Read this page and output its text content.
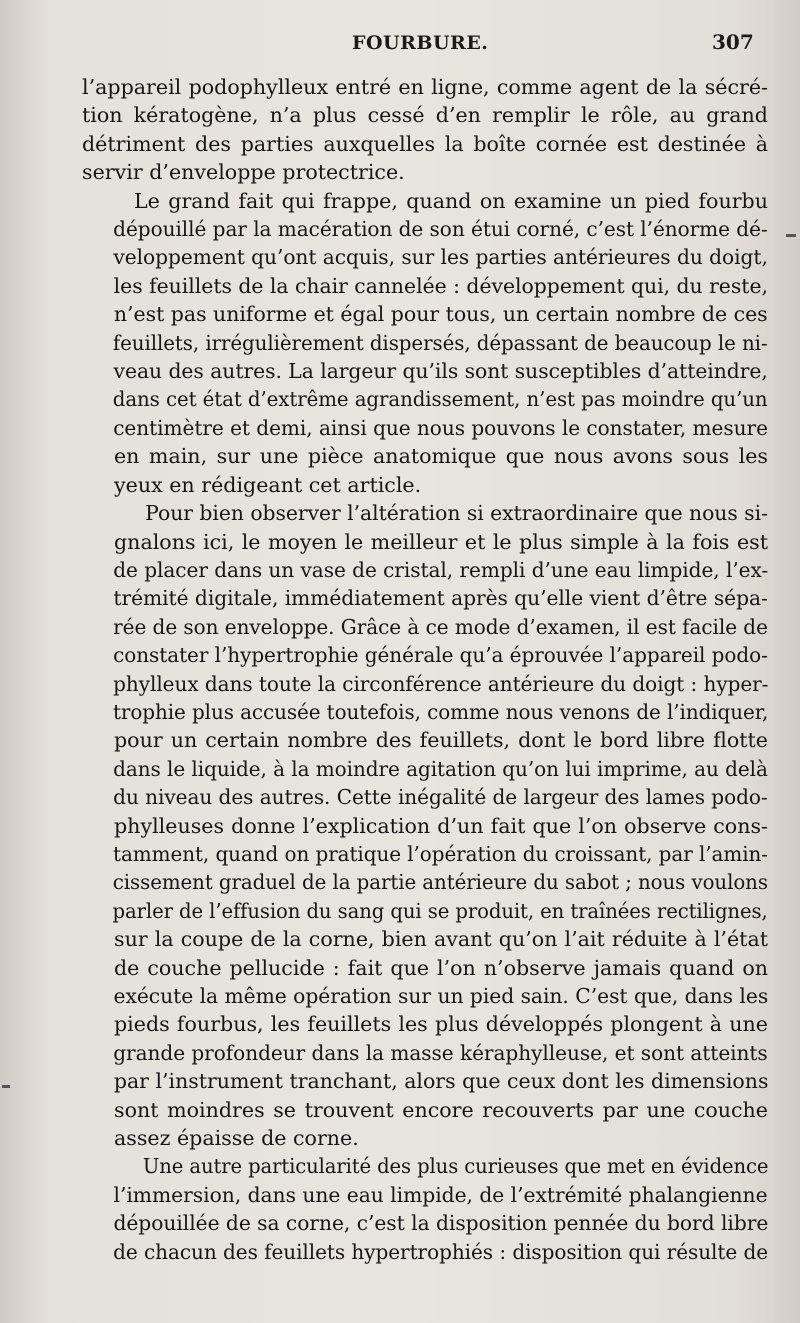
FOURBURE.	307
l’appareil podophylleux entré en ligne, comme agent de la sécré-
tion kératogène, n’a plus cessé d’en remplir le rôle, au grand
détriment des parties auxquelles la boîte cornée est destinée à
servir d’enveloppe protectrice.
Le grand fait qui frappe, quand on examine un pied fourbu
dépouillé par la macération de son étui corné, c’est l’énorme dé-
veloppement qu’ont acquis, sur les parties antérieures du doigt,
les feuillets de la chair cannelée : développement qui, du reste,
n’est pas uniforme et égal pour tous, un certain nombre de ces
feuillets, irrégulièrement dispersés, dépassant de beaucoup le ni-
veau des autres. La largeur qu’ils sont susceptibles d’atteindre,
dans cet état d’extrême agrandissement, n’est pas moindre qu’un
centimètre et demi, ainsi que nous pouvons le constater, mesure
en main, sur une pièce anatomique que nous avons sous les
yeux en rédigeant cet article.
Pour bien observer l’altération si extraordinaire que nous si-
gnalons ici, le moyen le meilleur et le plus simple à la fois est
de placer dans un vase de cristal, rempli d’une eau limpide, l’ex-
trémité digitale, immédiatement après qu’elle vient d’être sépa-
rée de son enveloppe. Grâce à ce mode d’examen, il est facile de
constater l’hypertrophie générale qu’a éprouvée l’appareil podo-
phylleux dans toute la circonférence antérieure du doigt : hyper-
trophie plus accusée toutefois, comme nous venons de l’indiquer,
pour un certain nombre des feuillets, dont le bord libre flotte
dans le liquide, à la moindre agitation qu’on lui imprime, au delà
du niveau des autres. Cette inégalité de largeur des lames podo-
phylleuses donne l’explication d’un fait que l’on observe cons-
tamment, quand on pratique l’opération du croissant, par l’amin-
cissement graduel de la partie antérieure du sabot ; nous voulons
parler de l’effusion du sang qui se produit, en traînées rectilignes,
sur la coupe de la corne, bien avant qu’on l’ait réduite à l’état
de couche pellucide : fait que l’on n’observe jamais quand on
exécute la même opération sur un pied sain. C’est que, dans les
pieds fourbus, les feuillets les plus développés plongent à une
grande profondeur dans la masse kéraphylleuse, et sont atteints
par l’instrument tranchant, alors que ceux dont les dimensions
sont moindres se trouvent encore recouverts par une couche
assez épaisse de corne.
Une autre particularité des plus curieuses que met en évidence
l’immersion, dans une eau limpide, de l’extrémité phalangienne
dépouillée de sa corne, c’est la disposition pennée du bord libre
de chacun des feuillets hypertrophiés : disposition qui résulte de
